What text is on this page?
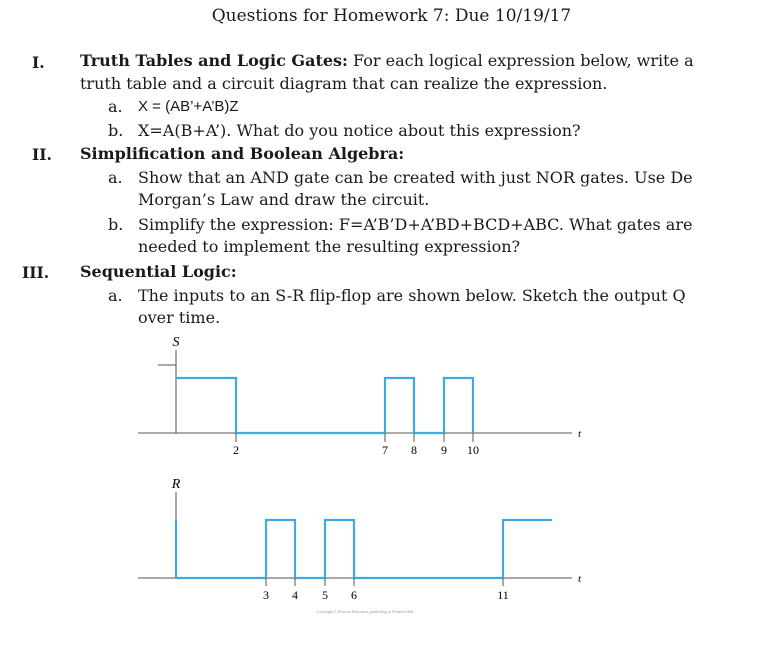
Questions for Homework 7: Due 10/19/17
I. Truth Tables and Logic Gates: For each logical expression below, write a
truth table and a circuit diagram that can realize the expression.
a. X = (AB’+A’B)Z
b. X=A(B+A’). What do you notice about this expression?
II. Simplification and Boolean Algebra:
a. Show that an AND gate can be created with just NOR gates. Use De
Morgan’s Law and draw the circuit.
b. Simplify the expression: F=A’B’D+A’BD+BCD+ABC. What gates are
needed to implement the resulting expression?
III. Sequential Logic:
a. The inputs to an S-R flip-flop are shown below. Sketch the output Q
over time.
S
t
2	7 8 9 10
R
t
3 4 5 6	11
Copyright © Pearson Education, publishing as Prentice Hall
